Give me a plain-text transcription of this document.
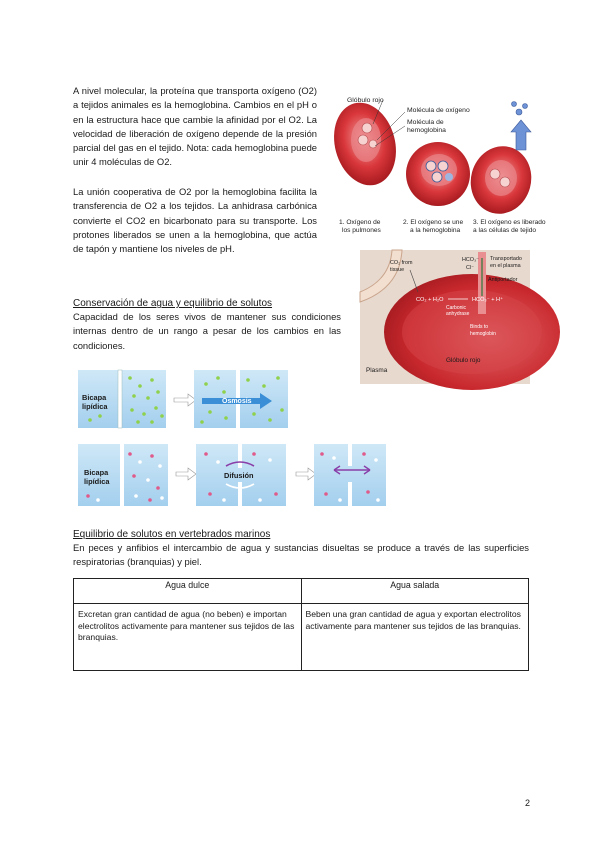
A nivel molecular, la proteína que transporta oxígeno (O2) a tejidos animales es la hemoglobina. Cambios en el pH o en la estructura hace que cambie la afinidad por el O2. La velocidad de liberación de oxígeno depende de la presión parcial del gas en el tejido. Nota: cada hemoglobina puede unir 4 moléculas de O2.

La unión cooperativa de O2 por la hemoglobina facilita la transferencia de O2 a los tejidos. La anhidrasa carbónica convierte el CO2 en bicarbonato para su transporte. Los protones liberados se unen a la hemoglobina, que actúa de tapón y mantiene los niveles de pH.

Glóbulo rojo
Molécula de oxígeno
Molécula de
hemoglobina
1. Oxígeno de
los pulmones
2. El oxígeno se une
a la hemoglobina
3. El oxígeno es liberado
a las células de tejido
CO₂ from
tissue
HCO₃⁻
Cl⁻
Transportado
en el plasma
Antiportador
CO₂ + H₂O	HCO₃⁻ + H⁺
Carbonic
anhydrase
Binds to
hemoglobin
Glóbulo rojo
Plasma

Conservación de agua y equilibrio de solutos

Capacidad de los seres vivos de mantener sus condiciones internas dentro de un rango a pesar de los cambios en las condiciones.

Bicapa
lipídica
Osmosis
Bicapa
lipídica
Difusión

Equilibrio de solutos en vertebrados marinos

En peces y anfibios el intercambio de agua y sustancias disueltas se produce a través de las superficies respiratorias (branquias) y piel.

Agua dulce	Agua salada
Excretan gran cantidad de agua (no beben) e importan electrolitos activamente para mantener sus tejidos de las branquias.	Beben una gran cantidad de agua y exportan electrolitos activamente para mantener sus tejidos de las branquias.
2
